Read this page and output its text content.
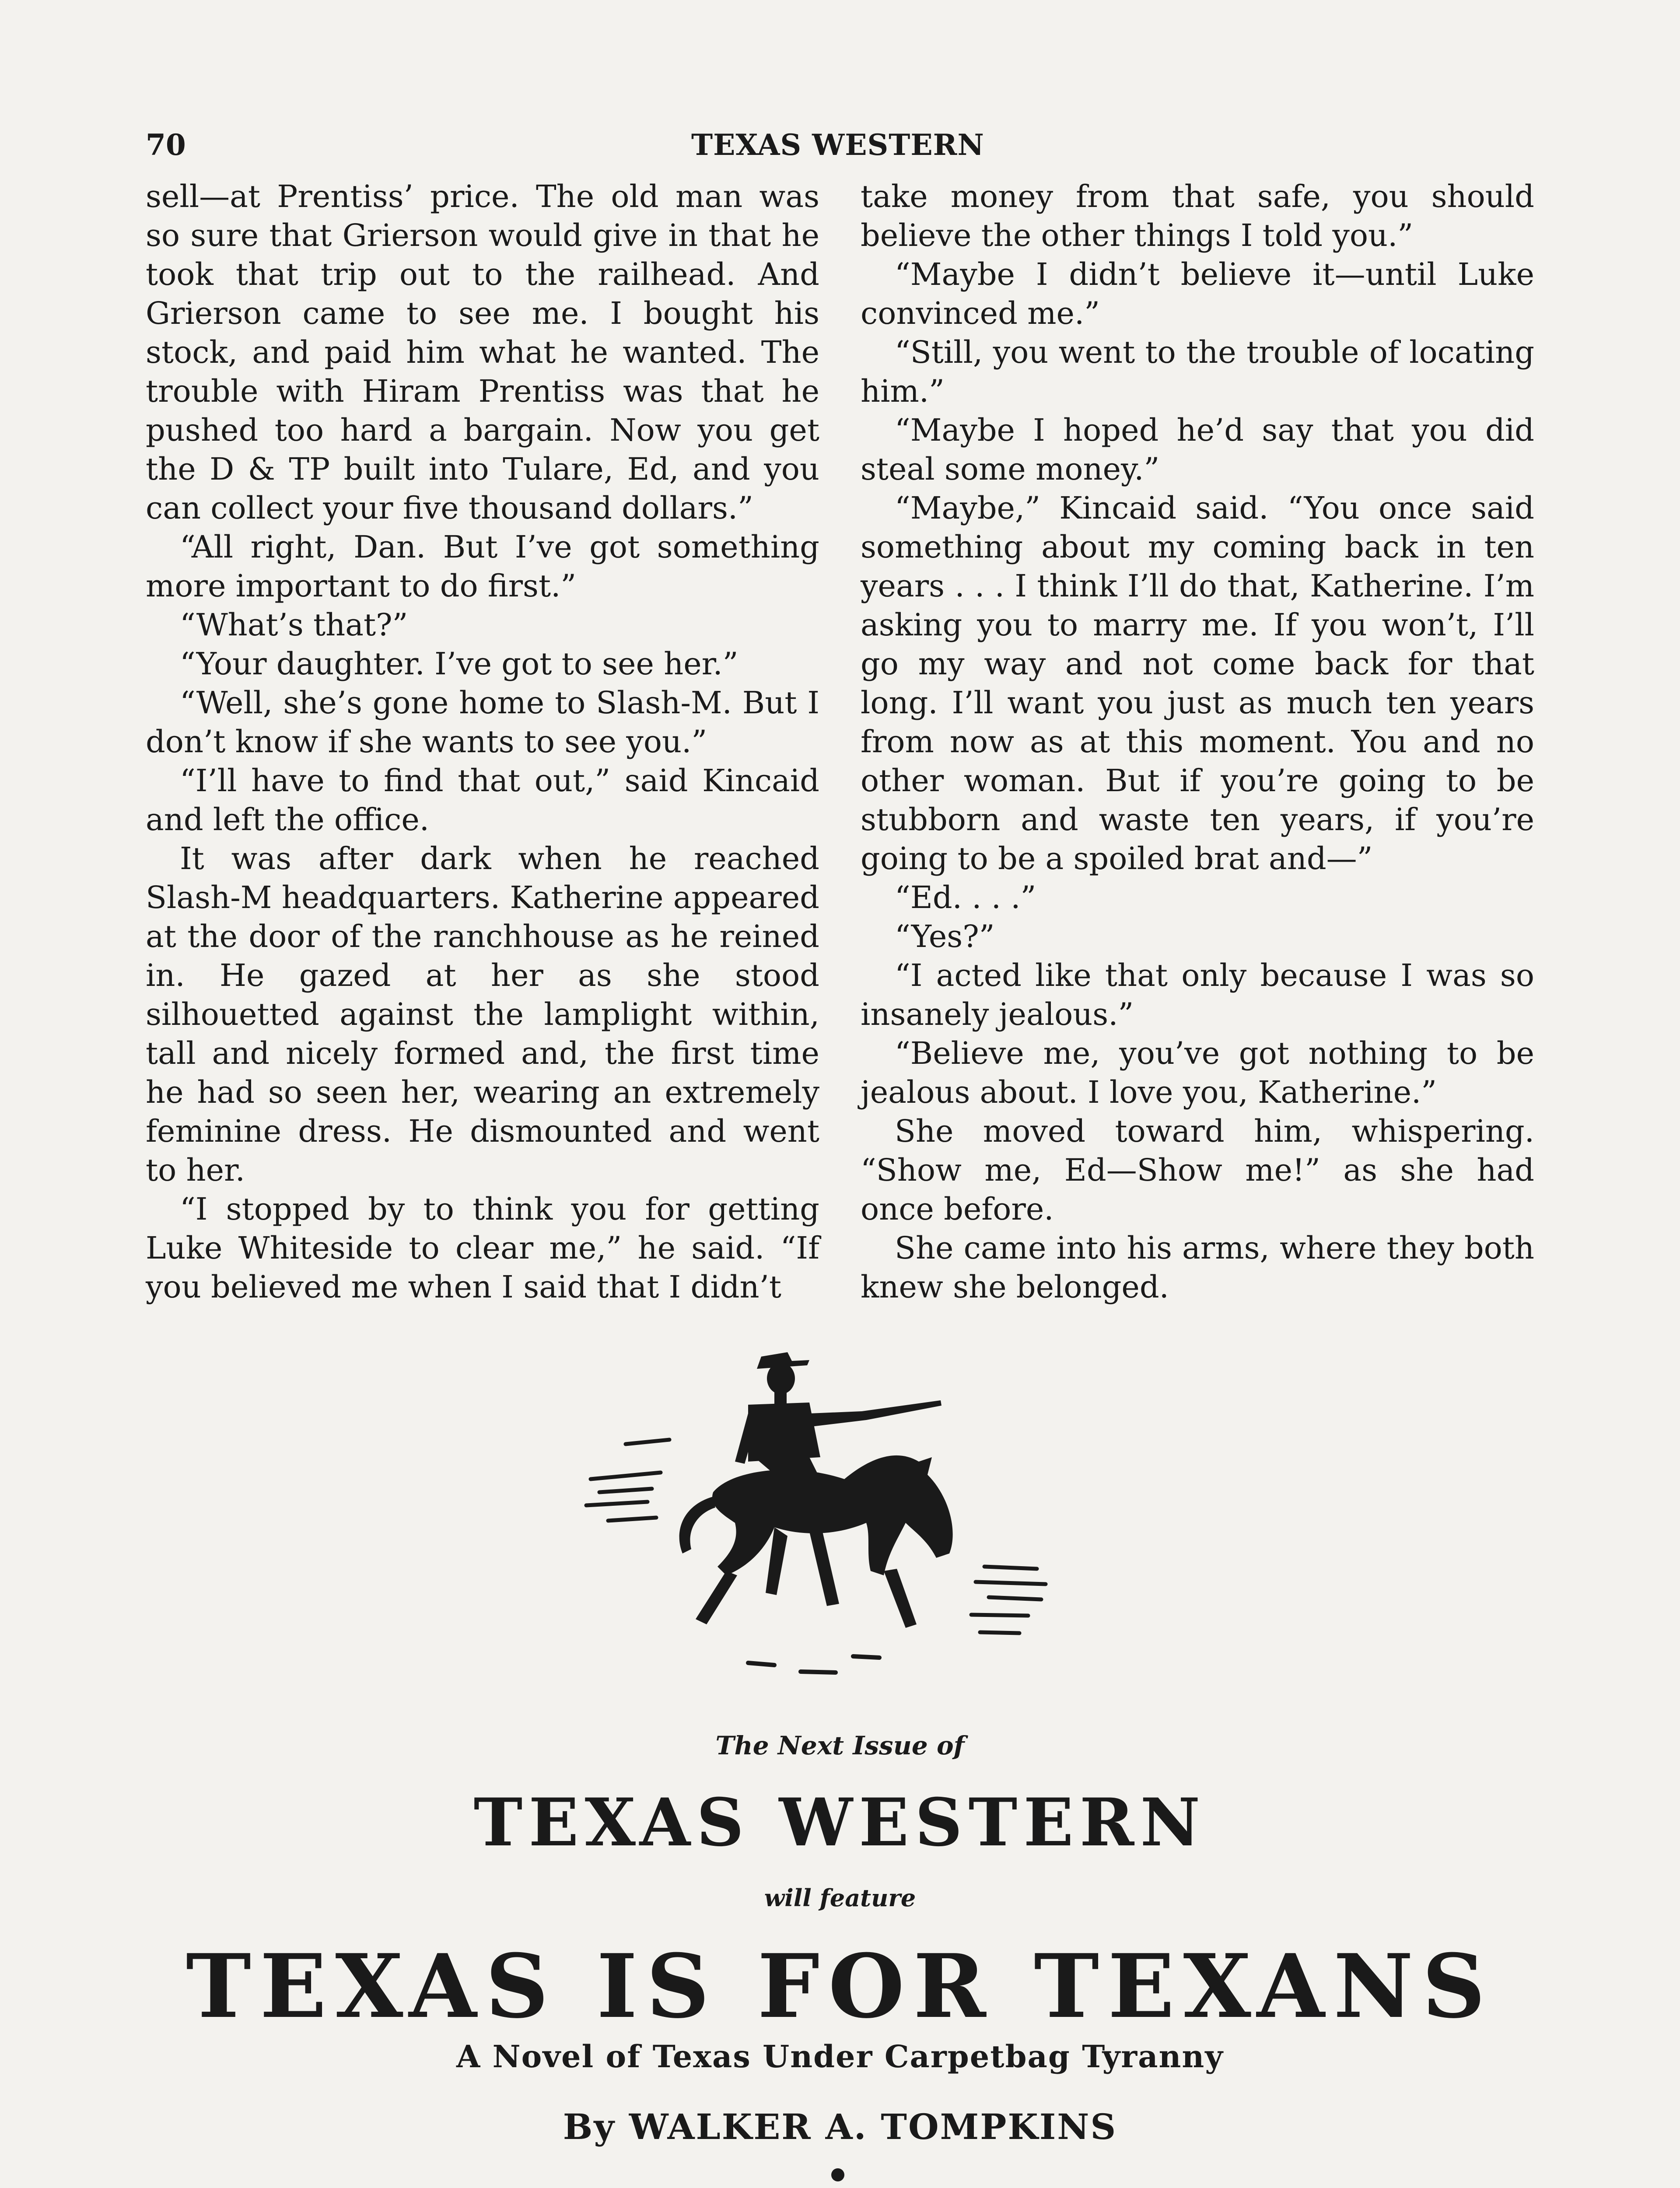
70	TEXAS WESTERN

sell—at Prentiss’ price. The old man was so sure that Grierson would give in that he took that trip out to the railhead. And Grierson came to see me. I bought his stock, and paid him what he wanted. The trouble with Hiram Prentiss was that he pushed too hard a bargain. Now you get the D & TP built into Tulare, Ed, and you can collect your five thousand dollars.”

“All right, Dan. But I’ve got something more important to do first.”

“What’s that?”

“Your daughter. I’ve got to see her.”

“Well, she’s gone home to Slash-M. But I don’t know if she wants to see you.”

“I’ll have to find that out,” said Kincaid and left the office.

It was after dark when he reached Slash-M headquarters. Katherine appeared at the door of the ranchhouse as he reined in. He gazed at her as she stood silhouetted against the lamplight within, tall and nicely formed and, the first time he had so seen her, wearing an extremely feminine dress. He dismounted and went to her.

“I stopped by to think you for getting Luke Whiteside to clear me,” he said. “If you believed me when I said that I didn’t

take money from that safe, you should believe the other things I told you.”

“Maybe I didn’t believe it—until Luke convinced me.”

“Still, you went to the trouble of locating him.”

“Maybe I hoped he’d say that you did steal some money.”

“Maybe,” Kincaid said. “You once said something about my coming back in ten years . . . I think I’ll do that, Katherine. I’m asking you to marry me. If you won’t, I’ll go my way and not come back for that long. I’ll want you just as much ten years from now as at this moment. You and no other woman. But if you’re going to be stubborn and waste ten years, if you’re going to be a spoiled brat and—”

“Ed. . . .”

“Yes?”

“I acted like that only because I was so insanely jealous.”

“Believe me, you’ve got nothing to be jealous about. I love you, Katherine.”

She moved toward him, whispering. “Show me, Ed—Show me!” as she had once before.

She came into his arms, where they both knew she belonged.

The Next Issue of
TEXAS WESTERN
will feature
TEXAS IS FOR TEXANS
A Novel of Texas Under Carpetbag Tyranny
By WALKER A. TOMPKINS
